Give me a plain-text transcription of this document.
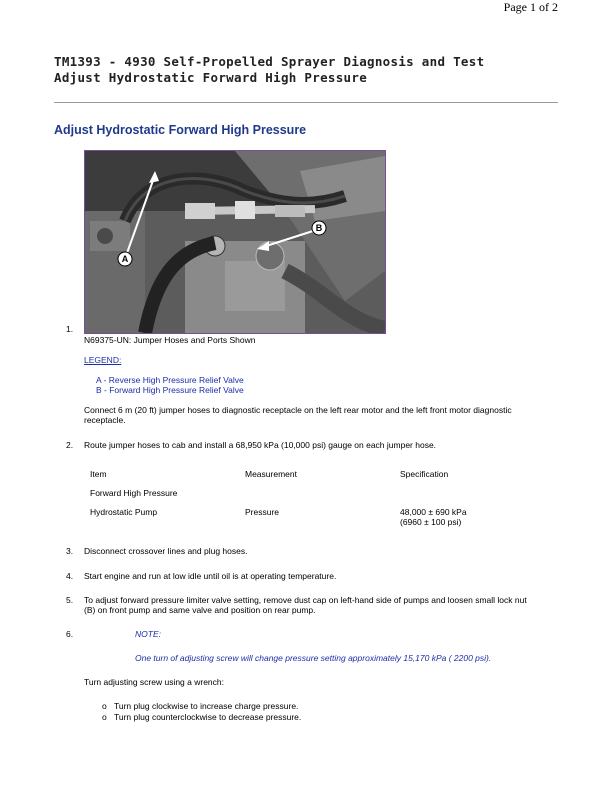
Page 1 of 2
TM1393 - 4930 Self-Propelled Sprayer Diagnosis and Test
Adjust Hydrostatic Forward High Pressure
Adjust Hydrostatic Forward High Pressure
A
B
1.
N69375-UN: Jumper Hoses and Ports Shown
LEGEND:
A - Reverse High Pressure Relief Valve
B - Forward High Pressure Relief Valve
Connect 6 m (20 ft) jumper hoses to diagnostic receptacle on the left rear motor and the left front motor diagnostic
receptacle.
2.	Route jumper hoses to cab and install a 68,950 kPa (10,000 psi) gauge on each jumper hose.
Item	Measurement	Specification
Forward High Pressure
Hydrostatic Pump	Pressure	48,000 ± 690 kPa
(6960 ± 100 psi)
3.	Disconnect crossover lines and plug hoses.
4.	Start engine and run at low idle until oil is at operating temperature.
5.	To adjust forward pressure limiter valve setting, remove dust cap on left-hand side of pumps and loosen small lock nut
(B) on front pump and same valve and position on rear pump.
6.	NOTE:
One turn of adjusting screw will change pressure setting approximately 15,170 kPa ( 2200 psi).
Turn adjusting screw using a wrench:
o Turn plug clockwise to increase charge pressure.
o Turn plug counterclockwise to decrease pressure.
